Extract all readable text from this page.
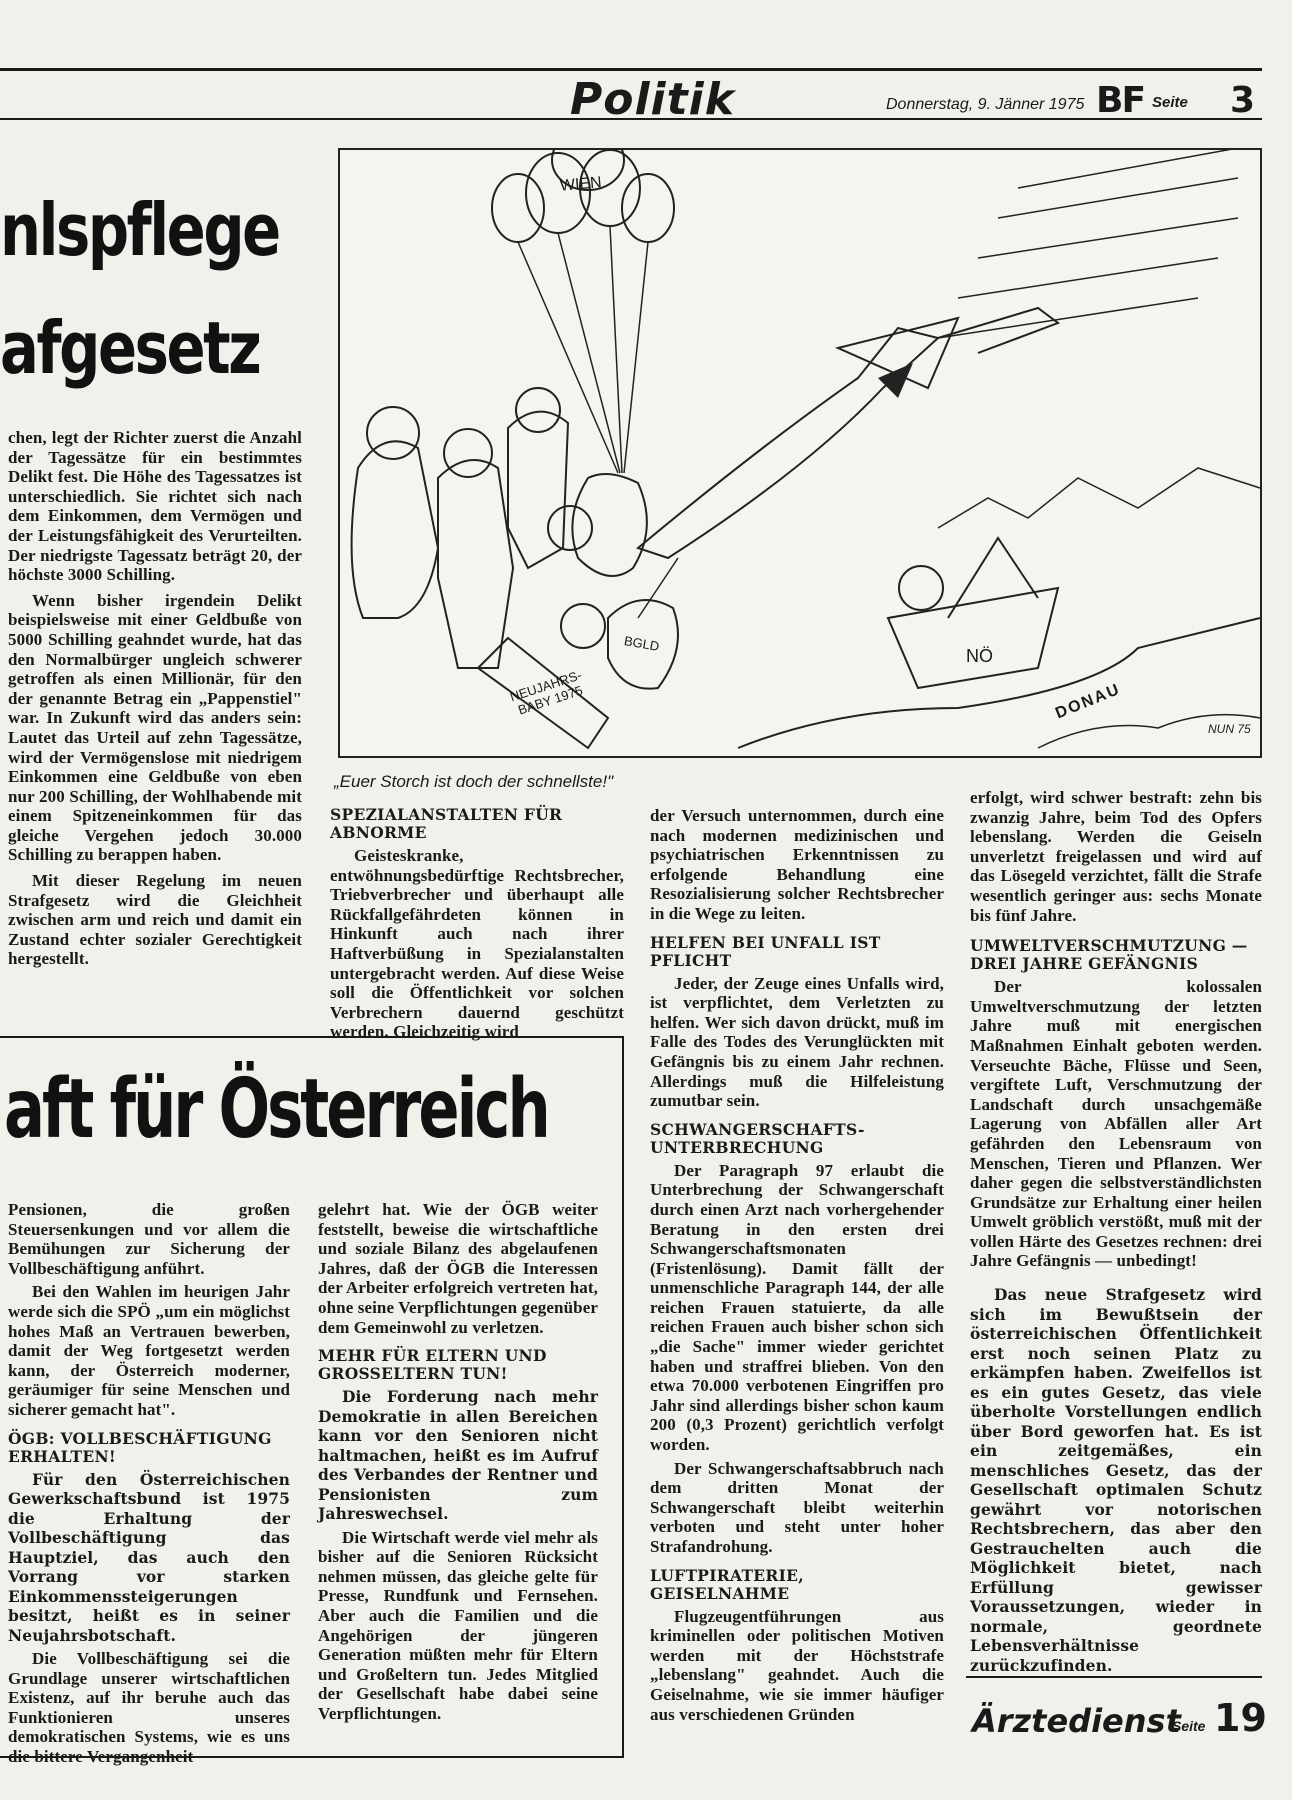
Politik	Donnerstag, 9. Jänner 1975 BF Seite 3
nlspflege
afgesetz

chen, legt der Richter zuerst die Anzahl der Tagessätze für ein bestimmtes Delikt fest. Die Höhe des Tagessatzes ist unterschiedlich. Sie richtet sich nach dem Einkommen, dem Vermögen und der Leistungsfähigkeit des Verurteilten. Der niedrigste Tagessatz beträgt 20, der höchste 3000 Schilling.

Wenn bisher irgendein Delikt beispielsweise mit einer Geldbuße von 5000 Schilling geahndet wurde, hat das den Normalbürger ungleich schwerer getroffen als einen Millionär, für den der genannte Betrag ein „Pappenstiel" war. In Zukunft wird das anders sein: Lautet das Urteil auf zehn Tagessätze, wird der Vermögenslose mit niedrigem Einkommen eine Geldbuße von eben nur 200 Schilling, der Wohlhabende mit einem Spitzeneinkommen für das gleiche Vergehen jedoch 30.000 Schilling zu berappen haben.

Mit dieser Regelung im neuen Strafgesetz wird die Gleichheit zwischen arm und reich und damit ein Zustand echter sozialer Gerechtigkeit hergestellt.

WIEN
NEUJAHRS-BABY 1975
BGLD
NÖ
DONAU
NUN 75
„Euer Storch ist doch der schnellste!"
SPEZIALANSTALTEN FÜR ABNORME

Geisteskranke, entwöhnungsbedürftige Rechtsbrecher, Triebverbrecher und überhaupt alle Rückfallgefährdeten können in Hinkunft auch nach ihrer Haftverbüßung in Spezialanstalten untergebracht werden. Auf diese Weise soll die Öffentlichkeit vor solchen Verbrechern dauernd geschützt werden. Gleichzeitig wird

der Versuch unternommen, durch eine nach modernen medizinischen und psychiatrischen Erkenntnissen zu erfolgende Behandlung eine Resozialisierung solcher Rechtsbrecher in die Wege zu leiten.

HELFEN BEI UNFALL IST PFLICHT

Jeder, der Zeuge eines Unfalls wird, ist verpflichtet, dem Verletzten zu helfen. Wer sich davon drückt, muß im Falle des Todes des Verunglückten mit Gefängnis bis zu einem Jahr rechnen. Allerdings muß die Hilfeleistung zumutbar sein.

SCHWANGERSCHAFTS-UNTERBRECHUNG

Der Paragraph 97 erlaubt die Unterbrechung der Schwangerschaft durch einen Arzt nach vorhergehender Beratung in den ersten drei Schwangerschaftsmonaten (Fristenlösung). Damit fällt der unmenschliche Paragraph 144, der alle reichen Frauen statuierte, da alle reichen Frauen auch bisher schon sich „die Sache" immer wieder gerichtet haben und straffrei blieben. Von den etwa 70.000 verbotenen Eingriffen pro Jahr sind allerdings bisher schon kaum 200 (0,3 Prozent) gerichtlich verfolgt worden.

Der Schwangerschaftsabbruch nach dem dritten Monat der Schwangerschaft bleibt weiterhin verboten und steht unter hoher Strafandrohung.

LUFTPIRATERIE, GEISELNAHME

Flugzeugentführungen aus kriminellen oder politischen Motiven werden mit der Höchststrafe „lebenslang" geahndet. Auch die Geiselnahme, wie sie immer häufiger aus verschiedenen Gründen

erfolgt, wird schwer bestraft: zehn bis zwanzig Jahre, beim Tod des Opfers lebenslang. Werden die Geiseln unverletzt freigelassen und wird auf das Lösegeld verzichtet, fällt die Strafe wesentlich geringer aus: sechs Monate bis fünf Jahre.

UMWELTVERSCHMUTZUNG — DREI JAHRE GEFÄNGNIS

Der kolossalen Umweltverschmutzung der letzten Jahre muß mit energischen Maßnahmen Einhalt geboten werden. Verseuchte Bäche, Flüsse und Seen, vergiftete Luft, Verschmutzung der Landschaft durch unsachgemäße Lagerung von Abfällen aller Art gefährden den Lebensraum von Menschen, Tieren und Pflanzen. Wer daher gegen die selbstverständlichsten Grundsätze zur Erhaltung einer heilen Umwelt gröblich verstößt, muß mit der vollen Härte des Gesetzes rechnen: drei Jahre Gefängnis — unbedingt!

Das neue Strafgesetz wird sich im Bewußtsein der österreichischen Öffentlichkeit erst noch seinen Platz zu erkämpfen haben. Zweifellos ist es ein gutes Gesetz, das viele überholte Vorstellungen endlich über Bord geworfen hat. Es ist ein zeitgemäßes, ein menschliches Gesetz, das der Gesellschaft optimalen Schutz gewährt vor notorischen Rechtsbrechern, das aber den Gestrauchelten auch die Möglichkeit bietet, nach Erfüllung gewisser Voraussetzungen, wieder in normale, geordnete Lebensverhältnisse zurückzufinden.

aft für Österreich

Pensionen, die großen Steuersenkungen und vor allem die Bemühungen zur Sicherung der Vollbeschäftigung anführt.

Bei den Wahlen im heurigen Jahr werde sich die SPÖ „um ein möglichst hohes Maß an Vertrauen bewerben, damit der Weg fortgesetzt werden kann, der Österreich moderner, geräumiger für seine Menschen und sicherer gemacht hat".

ÖGB: VOLLBESCHÄFTIGUNG ERHALTEN!

Für den Österreichischen Gewerkschaftsbund ist 1975 die Erhaltung der Vollbeschäftigung das Hauptziel, das auch den Vorrang vor starken Einkommenssteigerungen besitzt, heißt es in seiner Neujahrsbotschaft.

Die Vollbeschäftigung sei die Grundlage unserer wirtschaftlichen Existenz, auf ihr beruhe auch das Funktionieren unseres demokratischen Systems, wie es uns die bittere Vergangenheit

gelehrt hat. Wie der ÖGB weiter feststellt, beweise die wirtschaftliche und soziale Bilanz des abgelaufenen Jahres, daß der ÖGB die Interessen der Arbeiter erfolgreich vertreten hat, ohne seine Verpflichtungen gegenüber dem Gemeinwohl zu verletzen.

MEHR FÜR ELTERN UND GROSSELTERN TUN!

Die Forderung nach mehr Demokratie in allen Bereichen kann vor den Senioren nicht haltmachen, heißt es im Aufruf des Verbandes der Rentner und Pensionisten zum Jahreswechsel.

Die Wirtschaft werde viel mehr als bisher auf die Senioren Rücksicht nehmen müssen, das gleiche gelte für Presse, Rundfunk und Fernsehen. Aber auch die Familien und die Angehörigen der jüngeren Generation müßten mehr für Eltern und Großeltern tun. Jedes Mitglied der Gesellschaft habe dabei seine Verpflichtungen.	Ärztedienst
Seite 19
